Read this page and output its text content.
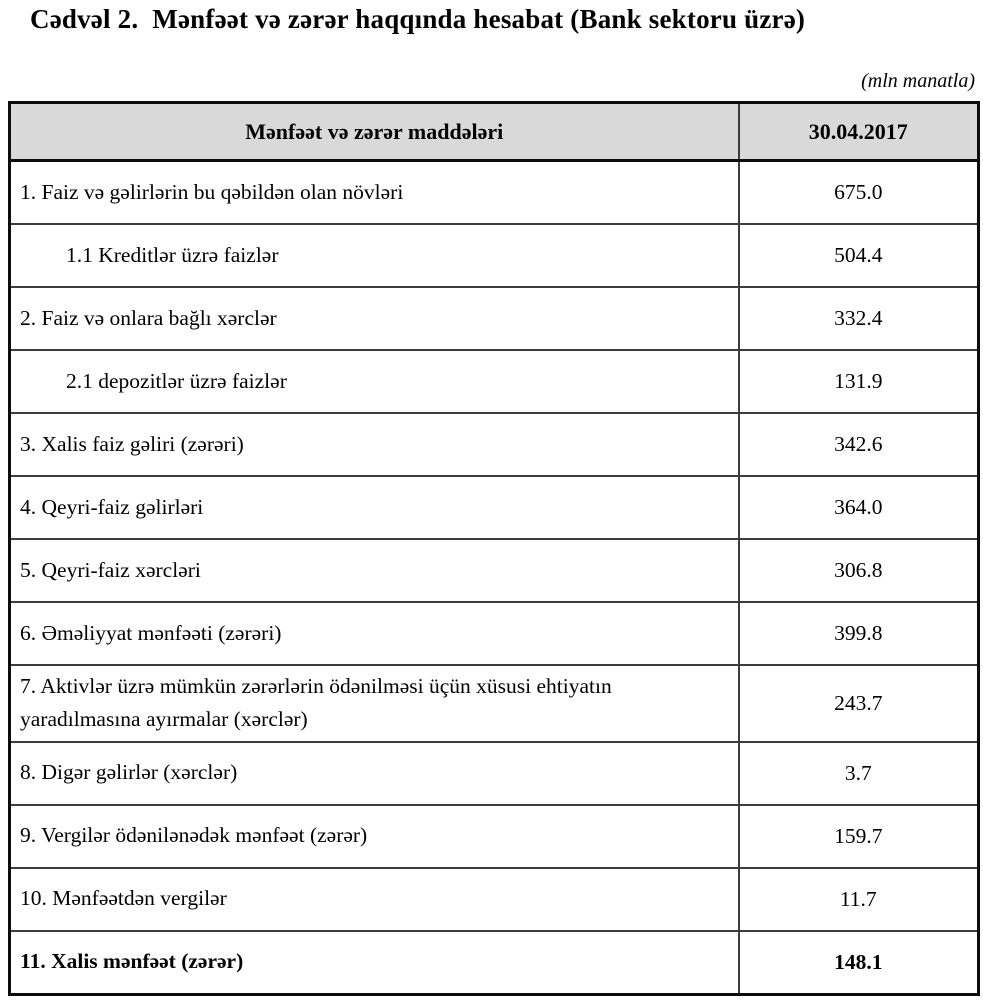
Cədvəl 2. Mənfəət və zərər haqqında hesabat (Bank sektoru üzrə)
(mln manatla)
Mənfəət və zərər maddələri	30.04.2017
1. Faiz və gəlirlərin bu qəbildən olan növləri	675.0
1.1 Kreditlər üzrə faizlər	504.4
2. Faiz və onlara bağlı xərclər	332.4
2.1 depozitlər üzrə faizlər	131.9
3. Xalis faiz gəliri (zərəri)	342.6
4. Qeyri-faiz gəlirləri	364.0
5. Qeyri-faiz xərcləri	306.8
6. Əməliyyat mənfəəti (zərəri)	399.8
7. Aktivlər üzrə mümkün zərərlərin ödənilməsi üçün xüsusi ehtiyatın yaradılmasına ayırmalar (xərclər)	243.7
8. Digər gəlirlər (xərclər)	3.7
9. Vergilər ödənilənədək mənfəət (zərər)	159.7
10. Mənfəətdən vergilər	11.7
11. Xalis mənfəət (zərər)	148.1
